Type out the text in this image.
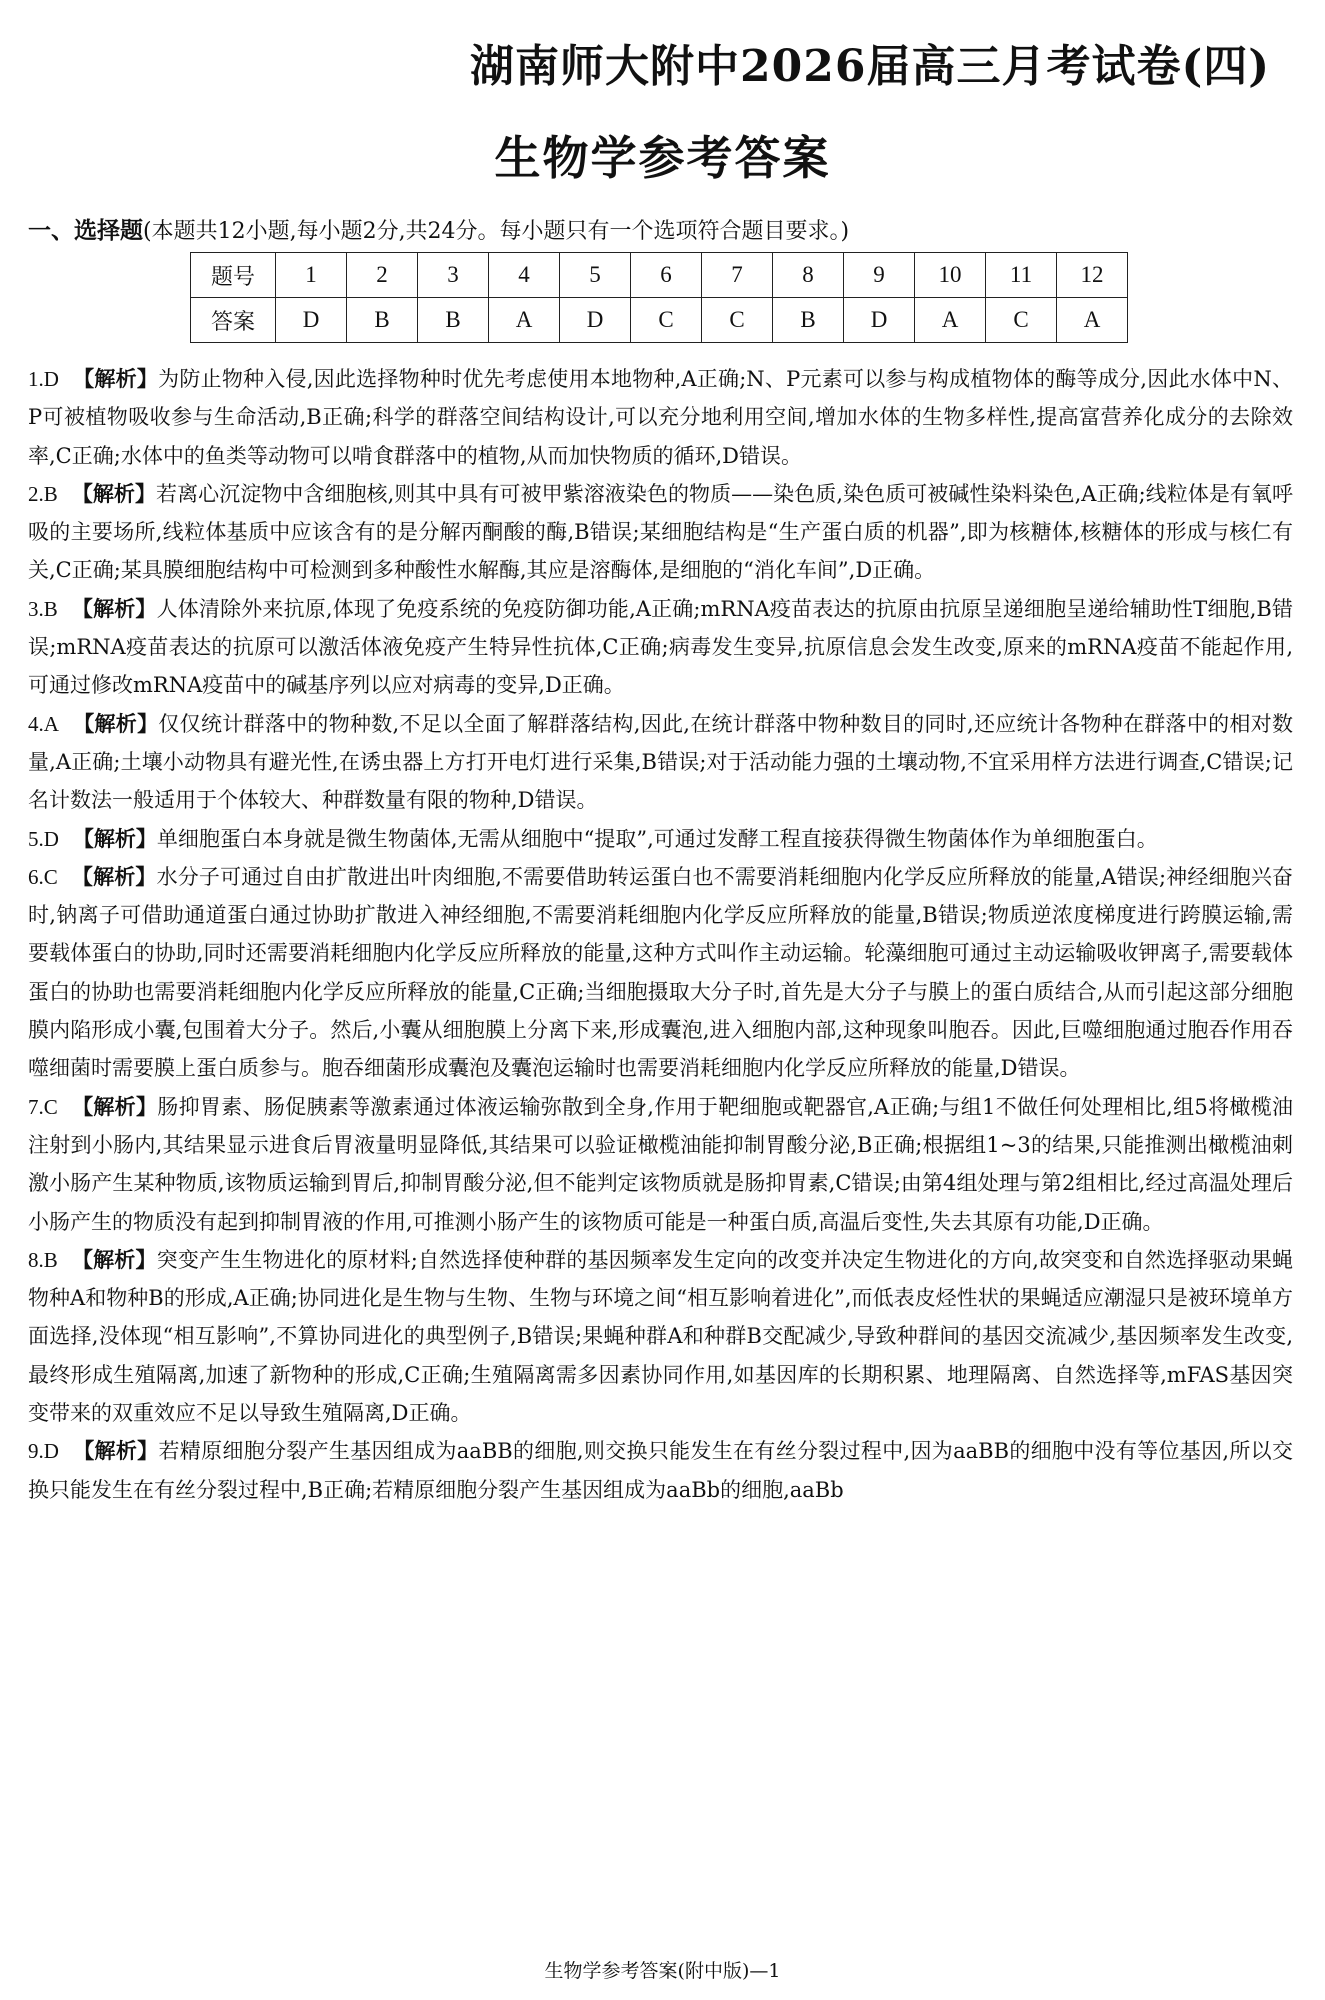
湖南师大附中2026届高三月考试卷(四)
生物学参考答案
一、选择题(本题共12小题,每小题2分,共24分。每小题只有一个选项符合题目要求。)
题号	1	2	3	4	5	6	7	8	9	10	11	12
答案	D	B	B	A	D	C	C	B	D	A	C	A
1.D 【解析】为防止物种入侵,因此选择物种时优先考虑使用本地物种,A正确;N、P元素可以参与构成植物体的酶等成分,因此水体中N、P可被植物吸收参与生命活动,B正确;科学的群落空间结构设计,可以充分地利用空间,增加水体的生物多样性,提高富营养化成分的去除效率,C正确;水体中的鱼类等动物可以啃食群落中的植物,从而加快物质的循环,D错误。
2.B 【解析】若离心沉淀物中含细胞核,则其中具有可被甲紫溶液染色的物质——染色质,染色质可被碱性染料染色,A正确;线粒体是有氧呼吸的主要场所,线粒体基质中应该含有的是分解丙酮酸的酶,B错误;某细胞结构是“生产蛋白质的机器”,即为核糖体,核糖体的形成与核仁有关,C正确;某具膜细胞结构中可检测到多种酸性水解酶,其应是溶酶体,是细胞的“消化车间”,D正确。
3.B 【解析】人体清除外来抗原,体现了免疫系统的免疫防御功能,A正确;mRNA疫苗表达的抗原由抗原呈递细胞呈递给辅助性T细胞,B错误;mRNA疫苗表达的抗原可以激活体液免疫产生特异性抗体,C正确;病毒发生变异,抗原信息会发生改变,原来的mRNA疫苗不能起作用,可通过修改mRNA疫苗中的碱基序列以应对病毒的变异,D正确。
4.A 【解析】仅仅统计群落中的物种数,不足以全面了解群落结构,因此,在统计群落中物种数目的同时,还应统计各物种在群落中的相对数量,A正确;土壤小动物具有避光性,在诱虫器上方打开电灯进行采集,B错误;对于活动能力强的土壤动物,不宜采用样方法进行调查,C错误;记名计数法一般适用于个体较大、种群数量有限的物种,D错误。
5.D 【解析】单细胞蛋白本身就是微生物菌体,无需从细胞中“提取”,可通过发酵工程直接获得微生物菌体作为单细胞蛋白。
6.C 【解析】水分子可通过自由扩散进出叶肉细胞,不需要借助转运蛋白也不需要消耗细胞内化学反应所释放的能量,A错误;神经细胞兴奋时,钠离子可借助通道蛋白通过协助扩散进入神经细胞,不需要消耗细胞内化学反应所释放的能量,B错误;物质逆浓度梯度进行跨膜运输,需要载体蛋白的协助,同时还需要消耗细胞内化学反应所释放的能量,这种方式叫作主动运输。轮藻细胞可通过主动运输吸收钾离子,需要载体蛋白的协助也需要消耗细胞内化学反应所释放的能量,C正确;当细胞摄取大分子时,首先是大分子与膜上的蛋白质结合,从而引起这部分细胞膜内陷形成小囊,包围着大分子。然后,小囊从细胞膜上分离下来,形成囊泡,进入细胞内部,这种现象叫胞吞。因此,巨噬细胞通过胞吞作用吞噬细菌时需要膜上蛋白质参与。胞吞细菌形成囊泡及囊泡运输时也需要消耗细胞内化学反应所释放的能量,D错误。
7.C 【解析】肠抑胃素、肠促胰素等激素通过体液运输弥散到全身,作用于靶细胞或靶器官,A正确;与组1不做任何处理相比,组5将橄榄油注射到小肠内,其结果显示进食后胃液量明显降低,其结果可以验证橄榄油能抑制胃酸分泌,B正确;根据组1~3的结果,只能推测出橄榄油刺激小肠产生某种物质,该物质运输到胃后,抑制胃酸分泌,但不能判定该物质就是肠抑胃素,C错误;由第4组处理与第2组相比,经过高温处理后小肠产生的物质没有起到抑制胃液的作用,可推测小肠产生的该物质可能是一种蛋白质,高温后变性,失去其原有功能,D正确。
8.B 【解析】突变产生生物进化的原材料;自然选择使种群的基因频率发生定向的改变并决定生物进化的方向,故突变和自然选择驱动果蝇物种A和物种B的形成,A正确;协同进化是生物与生物、生物与环境之间“相互影响着进化”,而低表皮烃性状的果蝇适应潮湿只是被环境单方面选择,没体现“相互影响”,不算协同进化的典型例子,B错误;果蝇种群A和种群B交配减少,导致种群间的基因交流减少,基因频率发生改变,最终形成生殖隔离,加速了新物种的形成,C正确;生殖隔离需多因素协同作用,如基因库的长期积累、地理隔离、自然选择等,mFAS基因突变带来的双重效应不足以导致生殖隔离,D正确。
9.D 【解析】若精原细胞分裂产生基因组成为aaBB的细胞,则交换只能发生在有丝分裂过程中,因为aaBB的细胞中没有等位基因,所以交换只能发生在有丝分裂过程中,B正确;若精原细胞分裂产生基因组成为aaBb的细胞,aaBb
生物学参考答案(附中版)—1
